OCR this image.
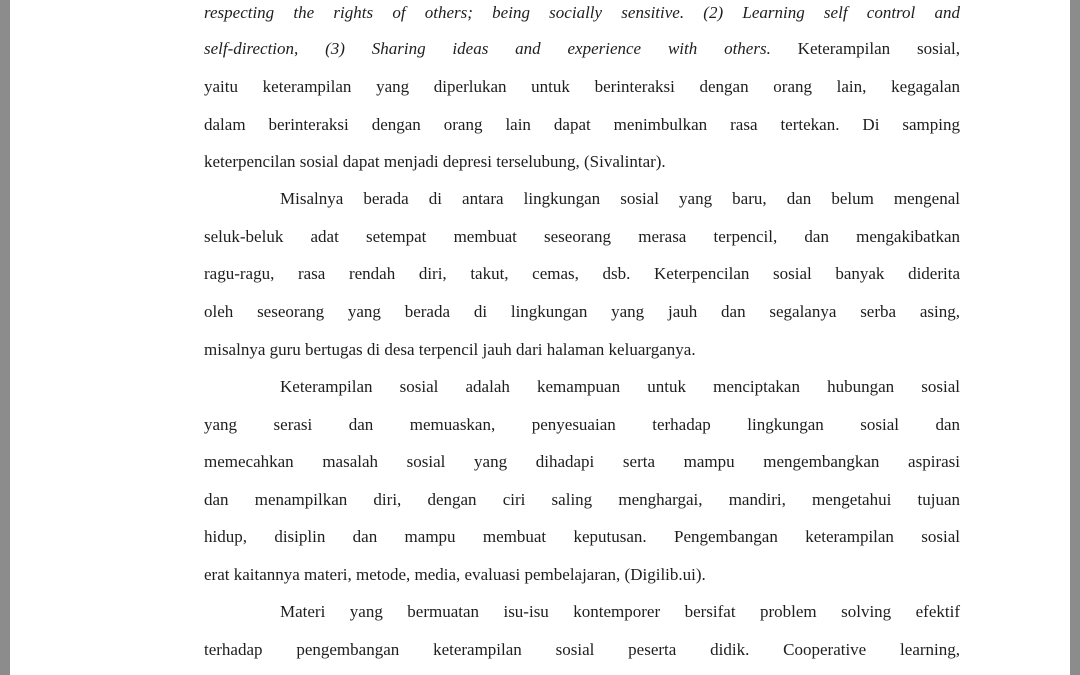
respecting the rights of others; being socially sensitive. (2) Learning self control and
self-direction, (3) Sharing ideas and experience with others. Keterampilan sosial,
yaitu keterampilan yang diperlukan untuk berinteraksi dengan orang lain, kegagalan
dalam berinteraksi dengan orang lain dapat menimbulkan rasa tertekan. Di samping
keterpencilan sosial dapat menjadi depresi terselubung, (Sivalintar).
Misalnya berada di antara lingkungan sosial yang baru, dan belum mengenal
seluk-beluk adat setempat membuat seseorang merasa terpencil, dan mengakibatkan
ragu-ragu, rasa rendah diri, takut, cemas, dsb. Keterpencilan sosial banyak diderita
oleh seseorang yang berada di lingkungan yang jauh dan segalanya serba asing,
misalnya guru bertugas di desa terpencil jauh dari halaman keluarganya.
Keterampilan sosial adalah kemampuan untuk menciptakan hubungan sosial
yang serasi dan memuaskan, penyesuaian terhadap lingkungan sosial dan
memecahkan masalah sosial yang dihadapi serta mampu mengembangkan aspirasi
dan menampilkan diri, dengan ciri saling menghargai, mandiri, mengetahui tujuan
hidup, disiplin dan mampu membuat keputusan. Pengembangan keterampilan sosial
erat kaitannya materi, metode, media, evaluasi pembelajaran, (Digilib.ui).
Materi yang bermuatan isu-isu kontemporer bersifat problem solving efektif
terhadap pengembangan keterampilan sosial peserta didik. Cooperative learning,
